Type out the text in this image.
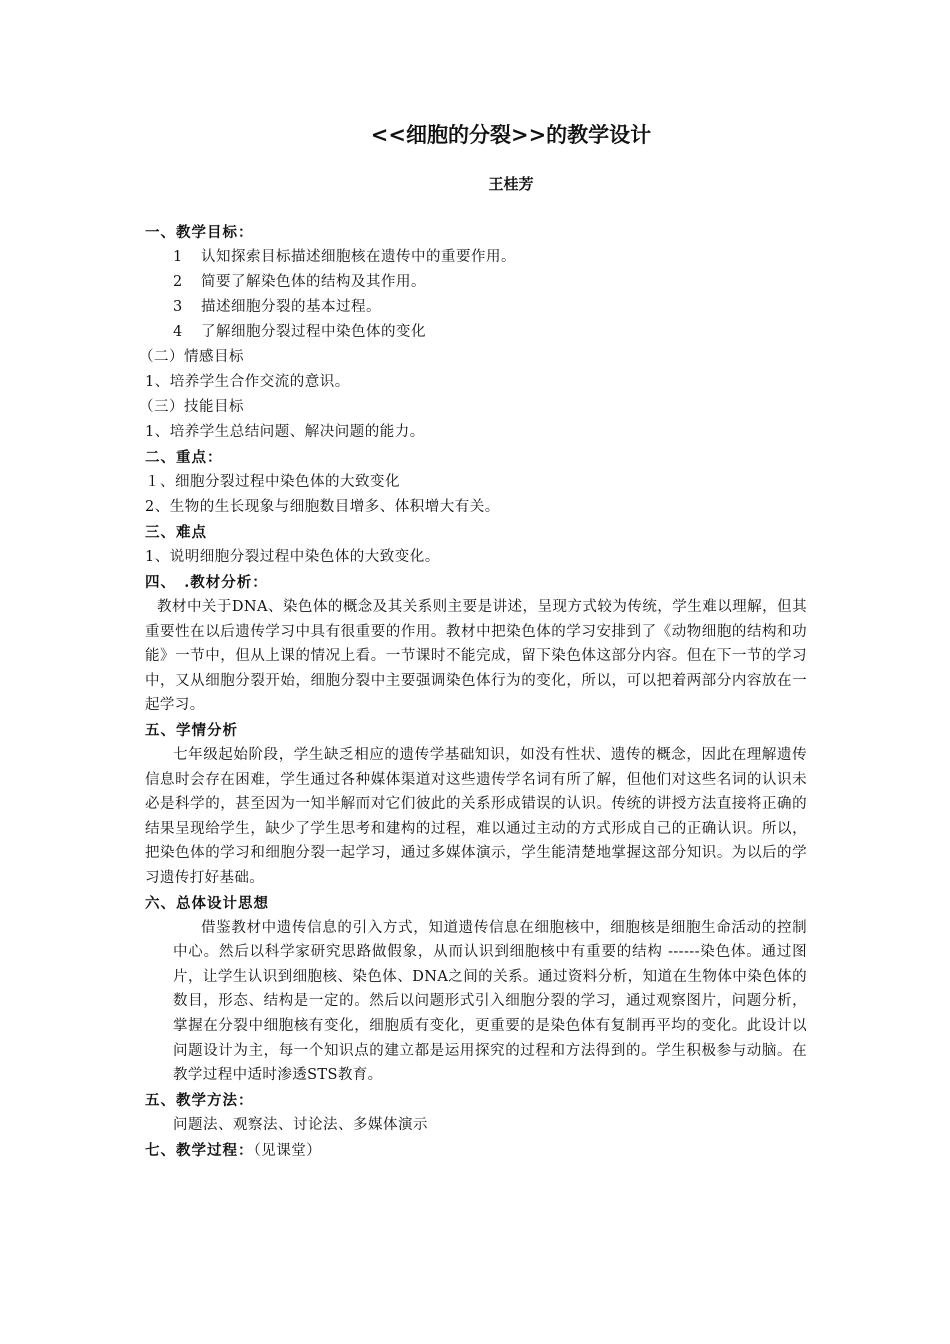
<<细胞的分裂>>的教学设计
王桂芳
一、教学目标：
1 认知探索目标描述细胞核在遗传中的重要作用。
2 简要了解染色体的结构及其作用。
3 描述细胞分裂的基本过程。
4 了解细胞分裂过程中染色体的变化
（二）情感目标
1、培养学生合作交流的意识。
（三）技能目标
1、培养学生总结问题、解决问题的能力。
二、重点：
１、细胞分裂过程中染色体的大致变化
2、生物的生长现象与细胞数目增多、体积增大有关。
三、难点
1、说明细胞分裂过程中染色体的大致变化。
四、　.教材分析：
教材中关于DNA、染色体的概念及其关系则主要是讲述，呈现方式较为传统，学生难以理解，但其重要性在以后遗传学习中具有很重要的作用。教材中把染色体的学习安排到了《动物细胞的结构和功能》一节中，但从上课的情况上看。一节课时不能完成，留下染色体这部分内容。但在下一节的学习中，又从细胞分裂开始，细胞分裂中主要强调染色体行为的变化，所以，可以把着两部分内容放在一起学习。
五、学情分析
七年级起始阶段，学生缺乏相应的遗传学基础知识，如没有性状、遗传的概念，因此在理解遗传信息时会存在困难，学生通过各种媒体渠道对这些遗传学名词有所了解，但他们对这些名词的认识未必是科学的，甚至因为一知半解而对它们彼此的关系形成错误的认识。传统的讲授方法直接将正确的结果呈现给学生，缺少了学生思考和建构的过程，难以通过主动的方式形成自己的正确认识。所以，把染色体的学习和细胞分裂一起学习，通过多媒体演示，学生能清楚地掌握这部分知识。为以后的学习遗传打好基础。
六、总体设计思想
借鉴教材中遗传信息的引入方式，知道遗传信息在细胞核中，细胞核是细胞生命活动的控制中心。然后以科学家研究思路做假象，从而认识到细胞核中有重要的结构 ------染色体。通过图片，让学生认识到细胞核、染色体、DNA之间的关系。通过资料分析，知道在生物体中染色体的数目，形态、结构是一定的。然后以问题形式引入细胞分裂的学习，通过观察图片，问题分析，掌握在分裂中细胞核有变化，细胞质有变化，更重要的是染色体有复制再平均的变化。此设计以问题设计为主，每一个知识点的建立都是运用探究的过程和方法得到的。学生积极参与动脑。在教学过程中适时渗透STS教育。
五、教学方法：
问题法、观察法、讨论法、多媒体演示
七、教学过程：（见课堂）
